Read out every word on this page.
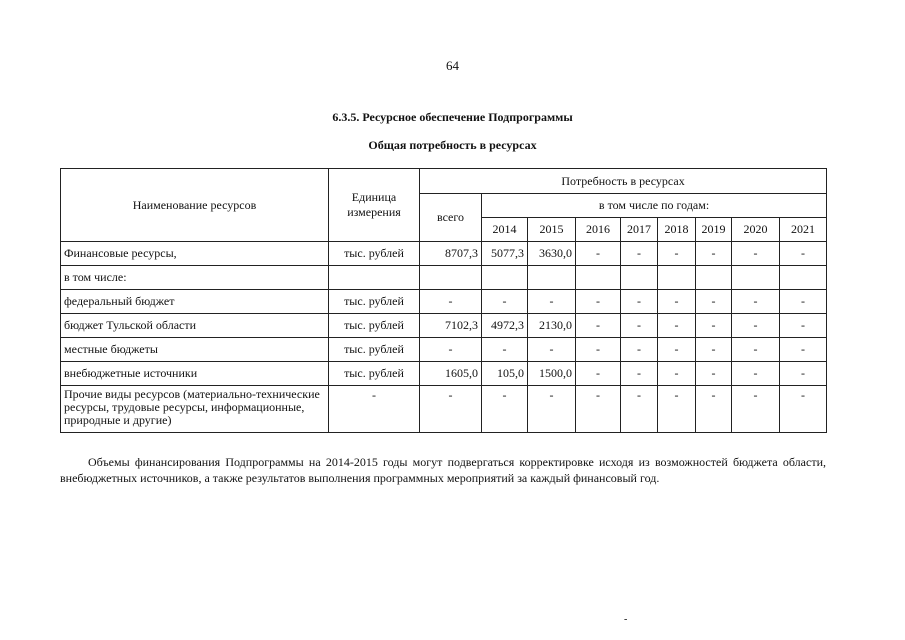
64
6.3.5. Ресурсное обеспечение Подпрограммы
Общая потребность в ресурсах
Наименование ресурсов	Единица измерения	Потребность в ресурсах								
		всего	в том числе по годам:							
			2014	2015	2016	2017	2018	2019	2020	2021
Финансовые ресурсы,	тыс. рублей	8707,3	5077,3	3630,0	-	-	-	-	-	-
в том числе:										
федеральный бюджет	тыс. рублей	-	-	-	-	-	-	-	-	-
бюджет Тульской области	тыс. рублей	7102,3	4972,3	2130,0	-	-	-	-	-	-
местные бюджеты	тыс. рублей	-	-	-	-	-	-	-	-	-
внебюджетные источники	тыс. рублей	1605,0	105,0	1500,0	-	-	-	-	-	-
Прочие виды ресурсов (материально-технические ресурсы, трудовые ресурсы, информационные, природные и другие)	-	-	-	-	-	-	-	-	-	-
Объемы финансирования Подпрограммы на 2014-2015 годы могут подвергаться корректировке исходя из возможностей бюджета области, внебюджетных источников, а также результатов выполнения программных мероприятий за каждый финансовый год.
-
